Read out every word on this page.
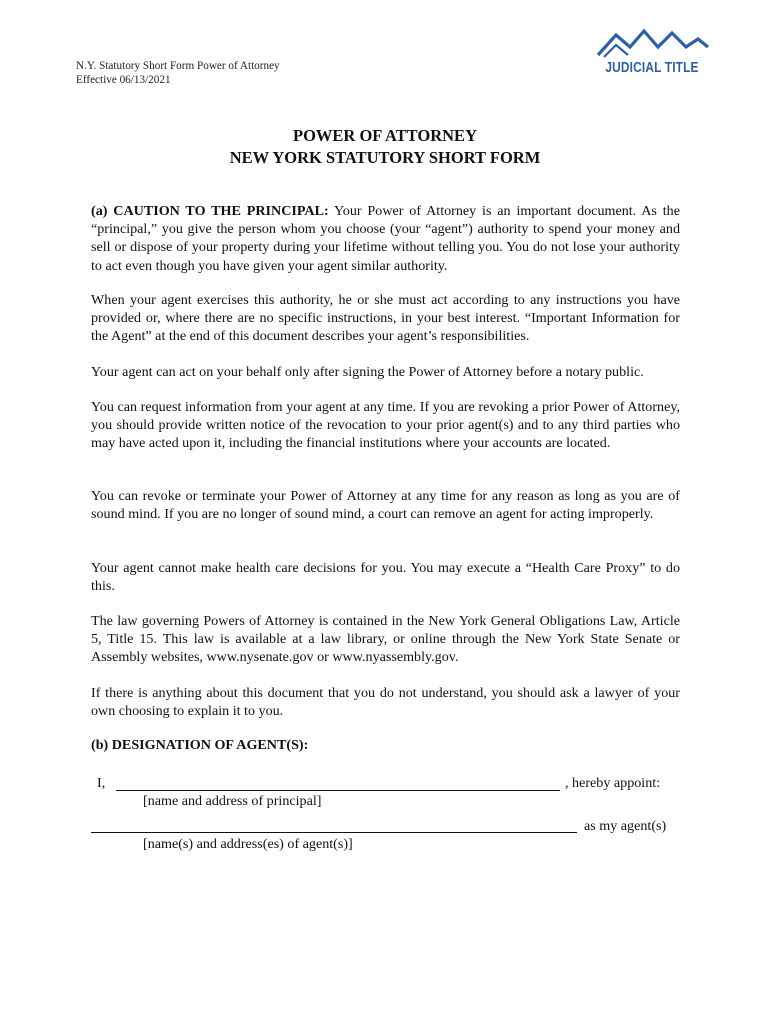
N.Y. Statutory Short Form Power of Attorney
Effective 06/13/2021
JUDICIAL TITLE
POWER OF ATTORNEY
NEW YORK STATUTORY SHORT FORM

(a) CAUTION TO THE PRINCIPAL: Your Power of Attorney is an important document. As the “principal,” you give the person whom you choose (your “agent”) authority to spend your money and sell or dispose of your property during your lifetime without telling you. You do not lose your authority to act even though you have given your agent similar authority.

When your agent exercises this authority, he or she must act according to any instructions you have provided or, where there are no specific instructions, in your best interest. “Important Information for the Agent” at the end of this document describes your agent’s responsibilities.

Your agent can act on your behalf only after signing the Power of Attorney before a notary public.

You can request information from your agent at any time. If you are revoking a prior Power of Attorney, you should provide written notice of the revocation to your prior agent(s) and to any third parties who may have acted upon it, including the financial institutions where your accounts are located.

You can revoke or terminate your Power of Attorney at any time for any reason as long as you are of sound mind. If you are no longer of sound mind, a court can remove an agent for acting improperly.

Your agent cannot make health care decisions for you. You may execute a “Health Care Proxy” to do this.

The law governing Powers of Attorney is contained in the New York General Obligations Law, Article 5, Title 15. This law is available at a law library, or online through the New York State Senate or Assembly websites, www.nysenate.gov or www.nyassembly.gov.

If there is anything about this document that you do not understand, you should ask a lawyer of your own choosing to explain it to you.

(b) DESIGNATION OF AGENT(S):
I,	, hereby appoint:
[name and address of principal]
as my agent(s)
[name(s) and address(es) of agent(s)]
